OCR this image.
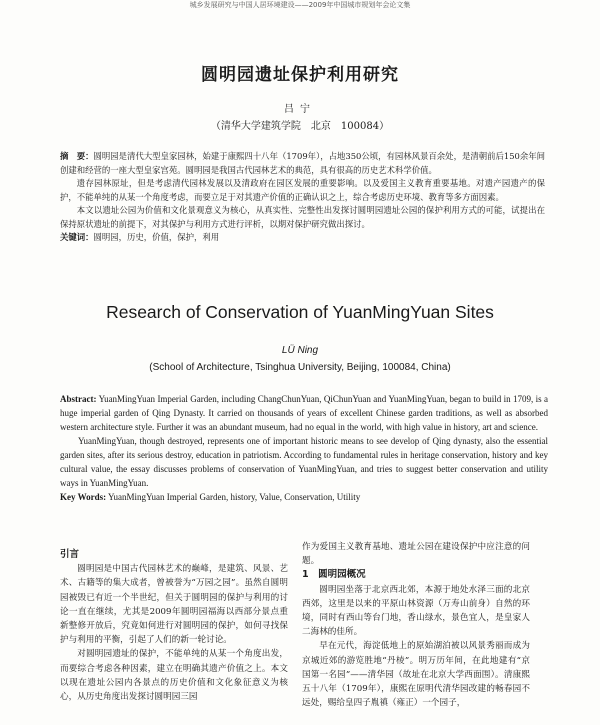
城乡发展研究与中国人居环境建设——2009年中国城市规划年会论文集
圆明园遗址保护利用研究
吕宁
（清华大学建筑学院　北京　100084）

摘　要：圆明园是清代大型皇家园林，始建于康熙四十八年（1709年），占地350公顷，有园林风景百余处，是清朝前后150余年间创建和经营的一座大型皇家宫苑。圆明园是我国古代园林艺术的典范，具有很高的历史艺术科学价值。

遗存园林原址，但是考虑清代园林发展以及清政府在园区发展的重要影响。以及爱国主义教育重要基地。对遗产园遗产的保护，不能单纯的从某一个角度考虑，而要立足于对其遗产价值的正确认识之上，综合考虑历史环境、教育等多方面因素。

本文以遗址公园为价值和文化景观意义为核心，从真实性、完整性出发探讨圆明园遗址公园的保护利用方式的可能，试提出在保持原状遗址的前提下，对其保护与利用方式进行评析，以期对保护研究做出探讨。

关键词：圆明园，历史，价值，保护，利用

Research of Conservation of YuanMingYuan Sites
LÜ Ning
(School of Architecture, Tsinghua University, Beijing, 100084, China)

Abstract: YuanMingYuan Imperial Garden, including ChangChunYuan, QiChunYuan and YuanMingYuan, began to build in 1709, is a huge imperial garden of Qing Dynasty. It carried on thousands of years of excellent Chinese garden traditions, as well as absorbed western architecture style. Further it was an abundant museum, had no equal in the world, with high value in history, art and science.

YuanMingYuan, though destroyed, represents one of important historic means to see develop of Qing dynasty, also the essential garden sites, after its serious destroy, education in patriotism. According to fundamental rules in heritage conservation, history and key cultural value, the essay discusses problems of conservation of YuanMingYuan, and tries to suggest better conservation and utility ways in YuanMingYuan.

Key Words: YuanMingYuan Imperial Garden, history, Value, Conservation, Utility

引言

圆明园是中国古代园林艺术的巅峰，是建筑、风景、艺术、古籍等的集大成者，曾被誉为“万园之园”。虽然自圆明园被毁已有近一个半世纪，但关于圆明园的保护与利用的讨论一直在继续，尤其是2009年圆明园福海以西部分景点重新整修开放后，究竟如何进行对圆明园的保护，如何寻找保护与利用的平衡，引起了人们的新一轮讨论。

对圆明园遗址的保护，不能单纯的从某一个角度出发，而要综合考虑各种因素，建立在明确其遗产价值之上。本文以现在遗址公园内各景点的历史价值和文化象征意义为核心，从历史角度出发探讨圆明园三园

作为爱国主义教育基地、遗址公园在建设保护中应注意的问题。

1　圆明园概况

圆明园坐落于北京西北郊，本源于地处水泽三面的北京西郊，这里是以来的平原山林资源（万寿山前身）自然的环境，同时有西山等台门地，香山绿水，景色宜人，是皇家人二海林的佳所。

早在元代，海淀低地上的原始湖泊被以风景秀丽而成为京城近郊的游览胜地“丹棱”。明万历年间，在此地建有“京国第一名园”——清华园（故址在北京大学西面围）。清康熙五十八年（1709年），康熙在原明代清华园改建的畅春园不远处，赐给皇四子胤禛（雍正）一个园子，
